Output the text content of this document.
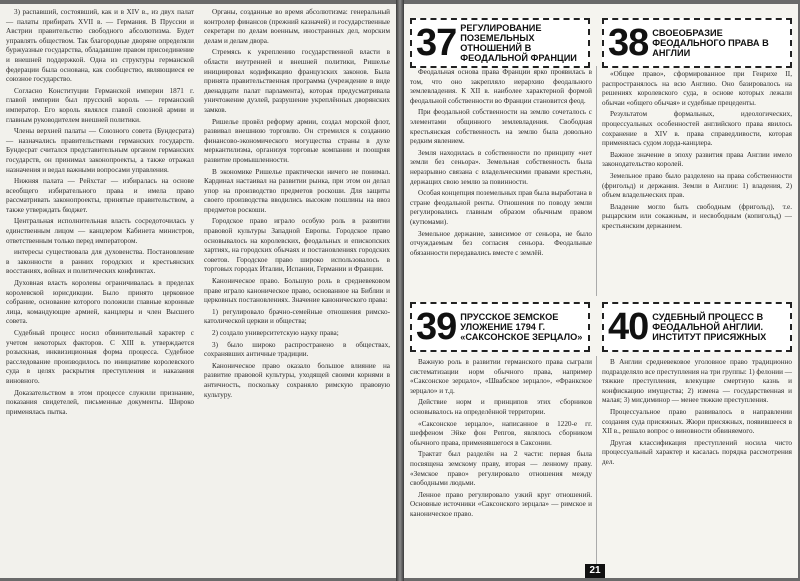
3) распавший, состоявший, как и в XIV в., из двух палат — палаты прибирать XVII в. — Германия. В Пруссии и Австрии правительство свободного абсолютизма. Будет управлять обществом. Так благородные дворяне определяли буржуазные государства, обладавшие правом присоединение и внешней поддержкой. Одна из структуры германской федерации была основана, как сообщество, являющиеся ее союзное государство.

Согласно Конституции Германской империи 1871 г. главой империи был прусский король — германский император. Его король являлся главой союзной армии и главным руководителем внешней политики.

Члены верхней палаты — Союзного совета (Бундесрата) — назначались правительствами германских государств. Бундесрат считался представительным органом германских государств, он принимал законопроекты, а также отражал назначения и ведал важными вопросами управления.

Нижняя палата — Рейхстаг — избиралась на основе всеобщего избирательного права и имела право рассматривать законопроекты, принятые правительством, а также утверждать бюджет.

Центральная исполнительная власть сосредоточилась у единственным лицом — канцлером Кабинета министров, ответственным только перед императором.

интересы существовала для духовенства. Постановление в законности в ранних городских и крестьянских восстаниях, войнах и политических конфликтах.

Духовная власть королевы ограничивалась в пределах королевской юрисдикции. Было принято церковное собрание, основание которого положили главные коронные лица, командующие армией, канцлеры и член Высшего совета.

Судебный процесс носил обвинительный характер с учетом некоторых факторов. С XIII в. утверждается розыскная, инквизиционная форма процесса. Судебное расследование производилось по инициативе королевского суда в целях раскрытия преступления и наказания виновного.

Доказательством в этом процессе служили признание, показания свидетелей, письменные документы. Широко применялась пытка.

Органы, созданные во время абсолютизма: генеральный контролер финансов (прежний казначей) и государственные секретари по делам военным, иностранных дел, морским делам и делам двора.

Стремясь к укреплению государственной власти в области внутренней и внешней политики, Ришелье инициировал кодификацию французских законов. Была принята правительственная программа (учреждение в виде двенадцати палат парламента), которая предусматривала уничтожение дуэлей, разрушение укреплённых дворянских замков.

Ришелье провёл реформу армии, создал морской флот, развивал внешнюю торговлю. Он стремился к созданию финансово-экономического могущества страны в духе меркантилизма, организуя торговые компании и поощряя развитие промышленности.

В экономике Ришелье практически ничего не понимал. Кардинал настаивал на развитии рынка, при этом он делал упор на производство предметов роскоши. Для защиты своего производства вводились высокие пошлины на ввоз предметов роскоши.

Городское право играло особую роль в развитии правовой культуры Западной Европы. Городское право основывалось на королевских, феодальных и епископских хартиях, на городских обычаях и постановлениях городских советов. Городское право широко использовалось в торговых городах Италии, Испании, Германии и Франции.

Каноническое право. Большую роль в средневековом праве играло каноническое право, основанное на Библии и церковных постановлениях. Значение канонического права:

1) регулировало брачно-семейные отношения римско-католической церкви и общества;

2) создало университетскую науку права;

3) было широко распространено в обществах, сохранявших античные традиции.

Каноническое право оказало большое влияние на развитие правовой культуры, уходящей своими корнями в античность, поскольку сохраняло римскую правовую культуру.

37 РЕГУЛИРОВАНИЕ ПОЗЕМЕЛЬНЫХ ОТНОШЕНИЙ В ФЕОДАЛЬНОЙ ФРАНЦИИ 38 СВОЕОБРАЗИЕ ФЕОДАЛЬНОГО ПРАВА В АНГЛИИ

Феодальная основа права Франции ярко проявилась в том, что оно закрепляло иерархию феодального землевладения. К XII в. наиболее характерной формой феодальной собственности во Франции становится феод.

При феодальной собственности на землю сочеталось с элементами общинного землевладения. Свободная крестьянская собственность на землю была довольно редким явлением.

Земля находилась в собственности по принципу «нет земли без сеньора». Земельная собственность была неразрывно связана с владельческими правами крестьян, держащих свою землю за повинности.

Особая концепция поземельных прав была выработана в стране феодальной ренты. Отношения по поводу земли регулировались главным образом обычным правом (кутюмами).

Земельное держание, зависимое от сеньора, не было отчуждаемым без согласия сеньора. Феодальные обязанности передавались вместе с землёй.

«Общее право», сформированное при Генрихе II, распространялось на всю Англию. Оно базировалось на решениях королевского суда, в основе которых лежали обычаи «общего обычая» и судебные прецеденты.

Результатом формальных, идеологических, процессуальных особенностей английского права явилось сохранение в XIV в. права справедливости, которая применялась судом лорда-канцлера.

Важное значение в эпоху развития права Англии имело законодательство королей.

Земельное право было разделено на права собственности (фригольд) и держания. Земли в Англии: 1) владения, 2) объем владельческих прав.

Владение могло быть свободным (фригольд), т.е. рыцарским или сокажным, и несвободным (копигольд) — крестьянским держанием.

39 ПРУССКОЕ ЗЕМСКОЕ УЛОЖЕНИЕ 1794 Г. «САКСОНСКОЕ ЗЕРЦАЛО» 40 СУДЕБНЫЙ ПРОЦЕСС В ФЕОДАЛЬНОЙ АНГЛИИ. ИНСТИТУТ ПРИСЯЖНЫХ

Важную роль в развитии германского права сыграли систематизации норм обычного права, например «Саксонское зерцало», «Швабское зерцало», «Франкское зерцало» и т.д.

Действие норм и принципов этих сборников основывалось на определённой территории.

«Саксонское зерцало», написанное в 1220-е гг. шеффеном Эйке фон Репгов, являлось сборником обычного права, применявшегося в Саксонии.

Трактат был разделён на 2 части: первая была посвящена земскому праву, вторая — ленному праву. «Земское право» регулировало отношения между свободными людьми.

Ленное право регулировало узкий круг отношений. Основные источники «Саксонского зерцала» — римское и каноническое право.

В Англии средневековое уголовное право традиционно подразделяло все преступления на три группы: 1) фелонии — тяжкие преступления, влекущие смертную казнь и конфискацию имущества; 2) измена — государственная и малая; 3) мисдиминор — менее тяжкие преступления.

Процессуальное право развивалось в направлении создания суда присяжных. Жюри присяжных, появившееся в XII в., решало вопрос о виновности обвиняемого.

Другая классификация преступлений носила чисто процессуальный характер и касалась порядка рассмотрения дел.

21
